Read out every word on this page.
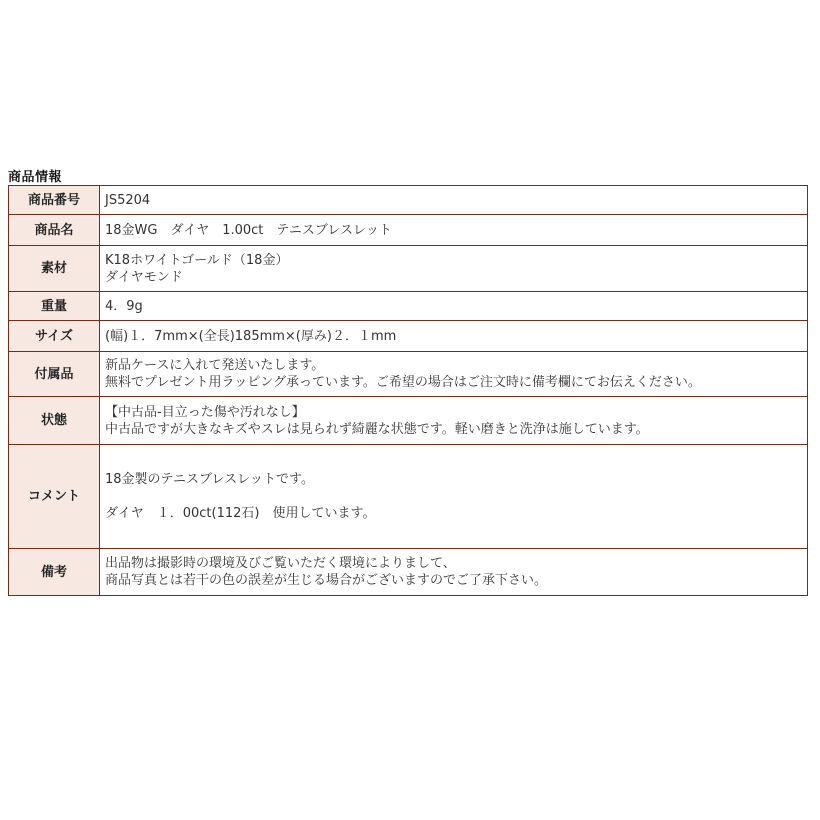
商品情報
商品番号	JS5204

商品名	18金WG　ダイヤ　1.00ct　テニスブレスレット

素材	K18ホワイトゴールド（18金）
ダイヤモンド

重量	4．9g

サイズ	(幅)１．7mm×(全長)185mm×(厚み)２．１mm

付属品	新品ケースに入れて発送いたします。
無料でプレゼント用ラッピング承っています。ご希望の場合はご注文時に備考欄にてお伝えください。

状態	【中古品-目立った傷や汚れなし】
中古品ですが大きなキズやスレは見られず綺麗な状態です。軽い磨きと洗浄は施しています。

コメント	18金製のテニスブレスレットです。
ダイヤ　１．00ct(112石)　使用しています。

備考	出品物は撮影時の環境及びご覧いただく環境によりまして、
商品写真とは若干の色の誤差が生じる場合がございますのでご了承下さい。
